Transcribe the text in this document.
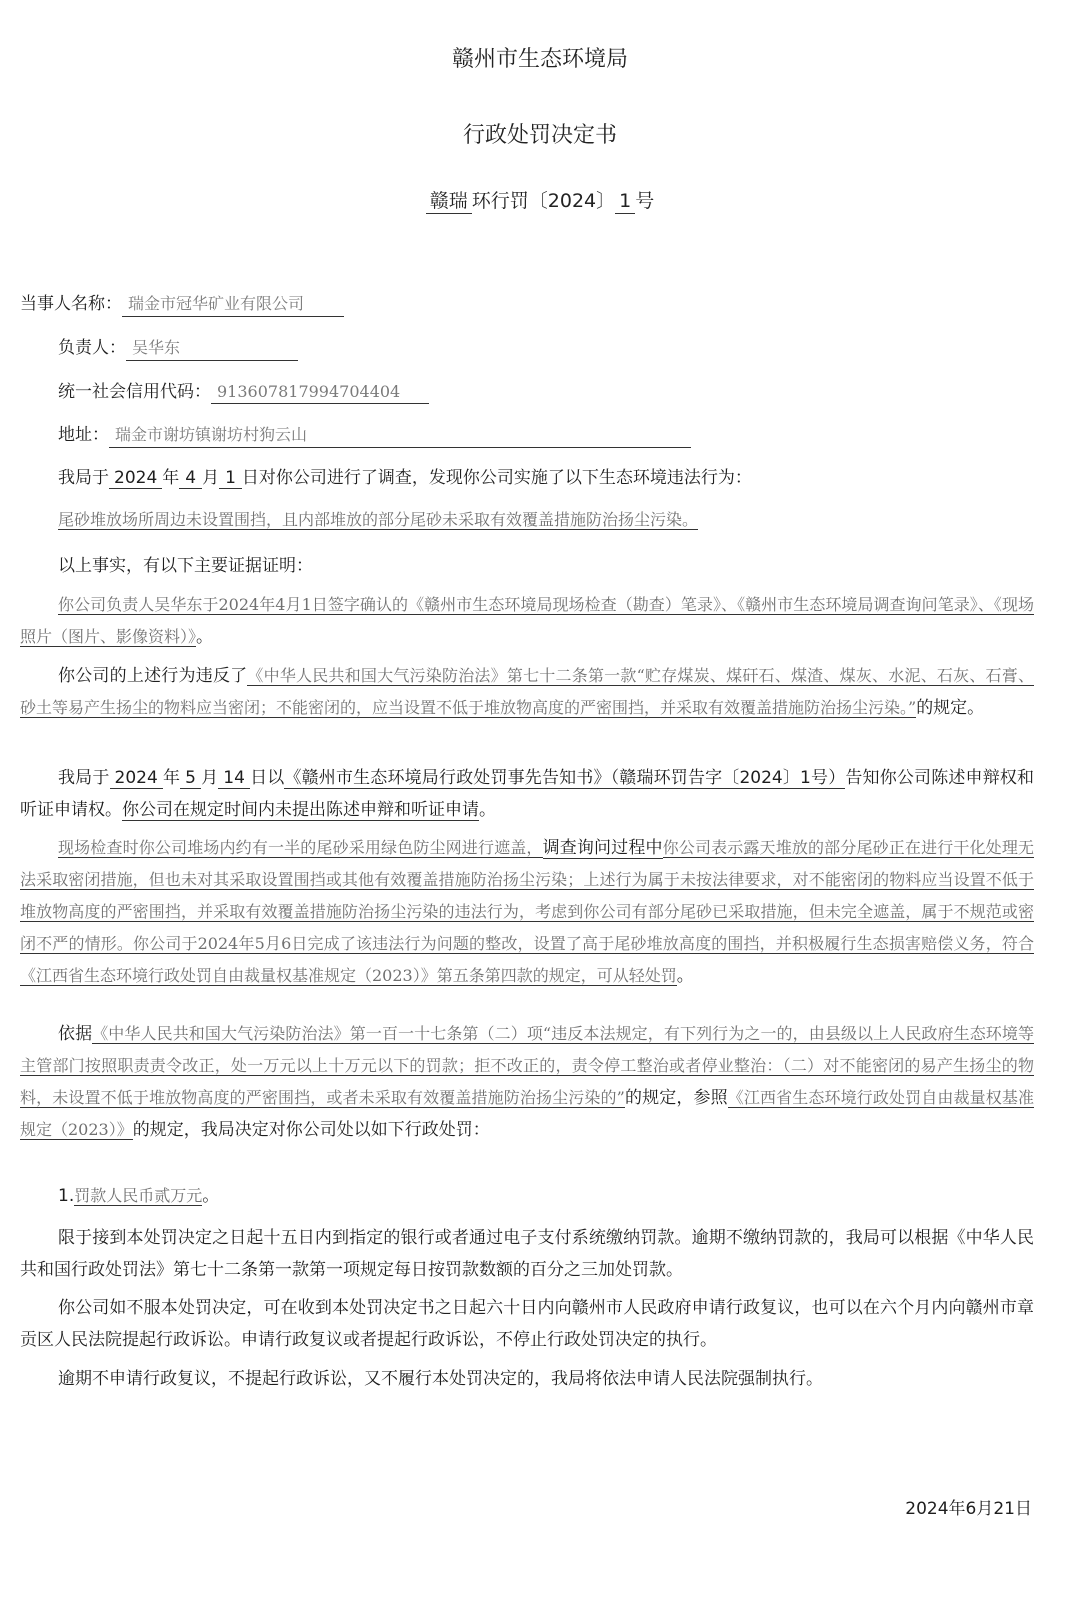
赣州市生态环境局
行政处罚决定书
赣瑞 环行罚〔2024〕 1 号
当事人名称： 瑞金市冠华矿业有限公司
负责人： 吴华东
统一社会信用代码： 913607817994704404
地址： 瑞金市谢坊镇谢坊村狗云山
我局于 2024 年 4 月 1 日对你公司进行了调查，发现你公司实施了以下生态环境违法行为：
尾砂堆放场所周边未设置围挡，且内部堆放的部分尾砂未采取有效覆盖措施防治扬尘污染。
以上事实，有以下主要证据证明：
你公司负责人吴华东于2024年4月1日签字确认的《赣州市生态环境局现场检查（勘查）笔录》、《赣州市生态环境局调查询问笔录》、《现场照片（图片、影像资料）》。
你公司的上述行为违反了《中华人民共和国大气污染防治法》第七十二条第一款“贮存煤炭、煤矸石、煤渣、煤灰、水泥、石灰、石膏、砂土等易产生扬尘的物料应当密闭；不能密闭的，应当设置不低于堆放物高度的严密围挡，并采取有效覆盖措施防治扬尘污染。”的规定。
我局于 2024 年 5 月 14 日以《赣州市生态环境局行政处罚事先告知书》（赣瑞环罚告字〔2024〕1号）告知你公司陈述申辩权和听证申请权。你公司在规定时间内未提出陈述申辩和听证申请。
现场检查时你公司堆场内约有一半的尾砂采用绿色防尘网进行遮盖，调查询问过程中你公司表示露天堆放的部分尾砂正在进行干化处理无法采取密闭措施，但也未对其采取设置围挡或其他有效覆盖措施防治扬尘污染；上述行为属于未按法律要求，对不能密闭的物料应当设置不低于堆放物高度的严密围挡，并采取有效覆盖措施防治扬尘污染的违法行为，考虑到你公司有部分尾砂已采取措施，但未完全遮盖，属于不规范或密闭不严的情形。你公司于2024年5月6日完成了该违法行为问题的整改，设置了高于尾砂堆放高度的围挡，并积极履行生态损害赔偿义务，符合《江西省生态环境行政处罚自由裁量权基准规定（2023）》第五条第四款的规定，可从轻处罚。
依据《中华人民共和国大气污染防治法》第一百一十七条第（二）项“违反本法规定，有下列行为之一的，由县级以上人民政府生态环境等主管部门按照职责责令改正，处一万元以上十万元以下的罚款；拒不改正的，责令停工整治或者停业整治：（二）对不能密闭的易产生扬尘的物料，未设置不低于堆放物高度的严密围挡，或者未采取有效覆盖措施防治扬尘污染的”的规定，参照《江西省生态环境行政处罚自由裁量权基准规定（2023）》的规定，我局决定对你公司处以如下行政处罚：
1.罚款人民币贰万元。
限于接到本处罚决定之日起十五日内到指定的银行或者通过电子支付系统缴纳罚款。逾期不缴纳罚款的，我局可以根据《中华人民共和国行政处罚法》第七十二条第一款第一项规定每日按罚款数额的百分之三加处罚款。
你公司如不服本处罚决定，可在收到本处罚决定书之日起六十日内向赣州市人民政府申请行政复议，也可以在六个月内向赣州市章贡区人民法院提起行政诉讼。申请行政复议或者提起行政诉讼，不停止行政处罚决定的执行。
逾期不申请行政复议，不提起行政诉讼，又不履行本处罚决定的，我局将依法申请人民法院强制执行。
2024年6月21日
